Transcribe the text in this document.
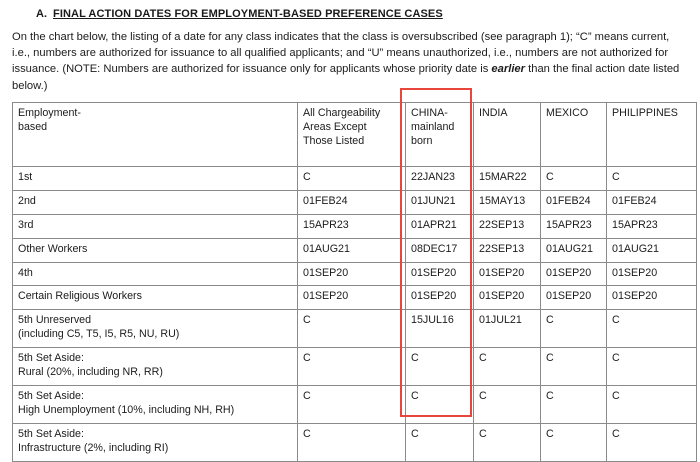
A. FINAL ACTION DATES FOR EMPLOYMENT-BASED PREFERENCE CASES

On the chart below, the listing of a date for any class indicates that the class is oversubscribed (see paragraph 1); “C” means current, i.e., numbers are authorized for issuance to all qualified applicants; and “U” means unauthorized, i.e., numbers are not authorized for issuance. (NOTE: Numbers are authorized for issuance only for applicants whose priority date is earlier than the final action date listed below.)

Employment-
based	All Chargeability
Areas Except
Those Listed	CHINA-
mainland
born	INDIA	MEXICO	PHILIPPINES

1st	C	22JAN23	15MAR22	C	C

2nd	01FEB24	01JUN21	15MAY13	01FEB24	01FEB24

3rd	15APR23	01APR21	22SEP13	15APR23	15APR23

Other Workers	01AUG21	08DEC17	22SEP13	01AUG21	01AUG21

4th	01SEP20	01SEP20	01SEP20	01SEP20	01SEP20

Certain Religious Workers	01SEP20	01SEP20	01SEP20	01SEP20	01SEP20

5th Unreserved
(including C5, T5, I5, R5, NU, RU)	C	15JUL16	01JUL21	C	C

5th Set Aside:
Rural (20%, including NR, RR)	C	C	C	C	C

5th Set Aside:
High Unemployment (10%, including NH, RH)	C	C	C	C	C

5th Set Aside:
Infrastructure (2%, including RI)	C	C	C	C	C
